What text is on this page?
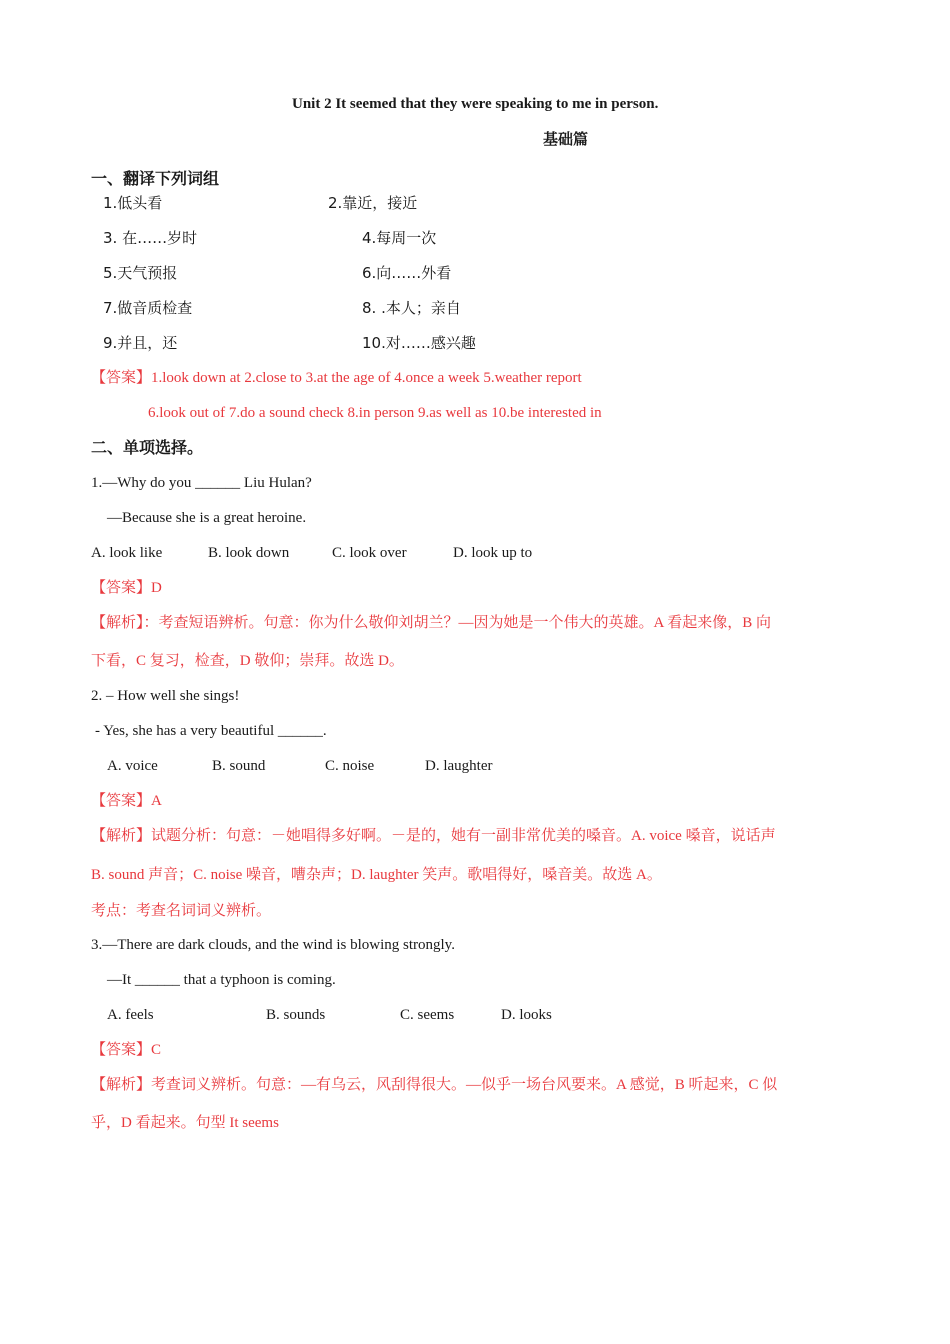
Unit 2 It seemed that they were speaking to me in person.
基础篇
一、翻译下列词组
1.低头看	2.靠近，接近
3. 在……岁时	4.每周一次
5.天气预报	6.向……外看
7.做音质检查	8. .本人；亲自
9.并且，还	10.对……感兴趣
【答案】1.look down at 2.close to 3.at the age of 4.once a week 5.weather report
6.look out of 7.do a sound check 8.in person 9.as well as 10.be interested in
二、单项选择。
1.—Why do you ______ Liu Hulan?
—Because she is a great heroine.
A. look like	B. look down	C. look over	D. look up to
【答案】D
【解析】：考查短语辨析。句意：你为什么敬仰刘胡兰？—因为她是一个伟大的英雄。A 看起来像，B 向
下看，C 复习，检查，D 敬仰；崇拜。故选 D。
2. – How well she sings!
- Yes, she has a very beautiful ______.
A. voice	B. sound	C. noise	D. laughter
【答案】A
【解析】试题分析：句意：－她唱得多好啊。－是的，她有一副非常优美的嗓音。A. voice 嗓音，说话声
B. sound 声音；C. noise 噪音，嘈杂声；D. laughter 笑声。歌唱得好，嗓音美。故选 A。
考点：考查名词词义辨析。
3.—There are dark clouds, and the wind is blowing strongly.
—It ______ that a typhoon is coming.
A. feels	B. sounds	C. seems	D. looks
【答案】C
【解析】考查词义辨析。句意：—有乌云，风刮得很大。—似乎一场台风要来。A 感觉，B 听起来，C 似
乎，D 看起来。句型 It seems
